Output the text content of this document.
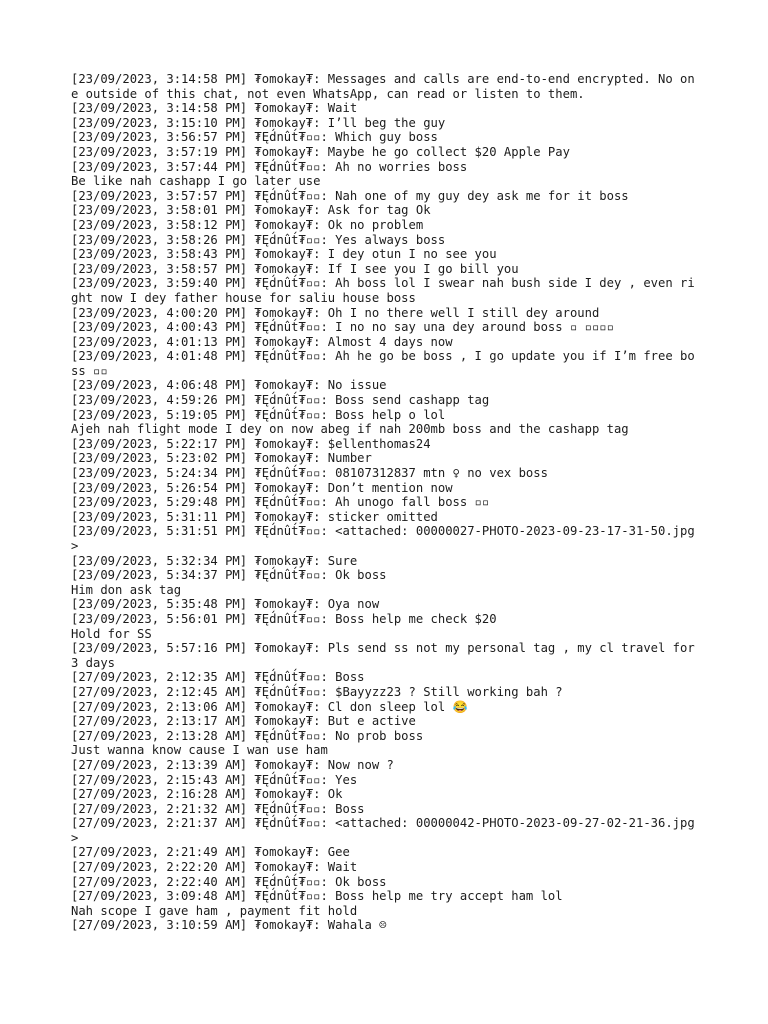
[23/09/2023, 3:14:58 PM] ₮omokay₮: Messages and calls are end-to-end encrypted. No one outside of this chat, not even WhatsApp, can read or listen to them.
[23/09/2023, 3:14:58 PM] ₮omokay₮: Wait
[23/09/2023, 3:15:10 PM] ₮omokay₮: I’ll beg the guy
[23/09/2023, 3:56:57 PM] ₮Ęd́nût́₮▫▫: Which guy boss
[23/09/2023, 3:57:19 PM] ₮omokay₮: Maybe he go collect $20 Apple Pay
[23/09/2023, 3:57:44 PM] ₮Ęd́nût́₮▫▫: Ah no worries boss
Be like nah cashapp I go later use
[23/09/2023, 3:57:57 PM] ₮Ęd́nût́₮▫▫: Nah one of my guy dey ask me for it boss
[23/09/2023, 3:58:01 PM] ₮omokay₮: Ask for tag Ok
[23/09/2023, 3:58:12 PM] ₮omokay₮: Ok no problem
[23/09/2023, 3:58:26 PM] ₮Ęd́nût́₮▫▫: Yes always boss
[23/09/2023, 3:58:43 PM] ₮omokay₮: I dey otun I no see you
[23/09/2023, 3:58:57 PM] ₮omokay₮: If I see you I go bill you
[23/09/2023, 3:59:40 PM] ₮Ęd́nût́₮▫▫: Ah boss lol I swear nah bush side I dey , even right now I dey father house for saliu house boss
[23/09/2023, 4:00:20 PM] ₮omokay₮: Oh I no there well I still dey around
[23/09/2023, 4:00:43 PM] ₮Ęd́nût́₮▫▫: I no no say una dey around boss ▫ ▫▫▫▫
[23/09/2023, 4:01:13 PM] ₮omokay₮: Almost 4 days now
[23/09/2023, 4:01:48 PM] ₮Ęd́nût́₮▫▫: Ah he go be boss , I go update you if I’m free boss ▫▫
[23/09/2023, 4:06:48 PM] ₮omokay₮: No issue
[23/09/2023, 4:59:26 PM] ₮Ęd́nût́₮▫▫: Boss send cashapp tag
[23/09/2023, 5:19:05 PM] ₮Ęd́nût́₮▫▫: Boss help o lol
Ajeh nah flight mode I dey on now abeg if nah 200mb boss and the cashapp tag
[23/09/2023, 5:22:17 PM] ₮omokay₮: $ellenthomas24
[23/09/2023, 5:23:02 PM] ₮omokay₮: Number
[23/09/2023, 5:24:34 PM] ₮Ęd́nût́₮▫▫: 08107312837 mtn ♀ no vex boss
[23/09/2023, 5:26:54 PM] ₮omokay₮: Don’t mention now
[23/09/2023, 5:29:48 PM] ₮Ęd́nût́₮▫▫: Ah unogo fall boss ▫▫
[23/09/2023, 5:31:11 PM] ₮omokay₮: sticker omitted
[23/09/2023, 5:31:51 PM] ₮Ęd́nût́₮▫▫: <attached: 00000027-PHOTO-2023-09-23-17-31-50.jpg>
[23/09/2023, 5:32:34 PM] ₮omokay₮: Sure
[23/09/2023, 5:34:37 PM] ₮Ęd́nût́₮▫▫: Ok boss
Him don ask tag
[23/09/2023, 5:35:48 PM] ₮omokay₮: Oya now
[23/09/2023, 5:56:01 PM] ₮Ęd́nût́₮▫▫: Boss help me check $20
Hold for SS
[23/09/2023, 5:57:16 PM] ₮omokay₮: Pls send ss not my personal tag , my cl travel for 3 days
[27/09/2023, 2:12:35 AM] ₮Ęd́nût́₮▫▫: Boss
[27/09/2023, 2:12:45 AM] ₮Ęd́nût́₮▫▫: $Bayyzz23 ? Still working bah ?
[27/09/2023, 2:13:06 AM] ₮omokay₮: Cl don sleep lol 😂
[27/09/2023, 2:13:17 AM] ₮omokay₮: But e active
[27/09/2023, 2:13:28 AM] ₮Ęd́nût́₮▫▫: No prob boss
Just wanna know cause I wan use ham
[27/09/2023, 2:13:39 AM] ₮omokay₮: Now now ?
[27/09/2023, 2:15:43 AM] ₮Ęd́nût́₮▫▫: Yes
[27/09/2023, 2:16:28 AM] ₮omokay₮: Ok
[27/09/2023, 2:21:32 AM] ₮Ęd́nût́₮▫▫: Boss
[27/09/2023, 2:21:37 AM] ₮Ęd́nût́₮▫▫: <attached: 00000042-PHOTO-2023-09-27-02-21-36.jpg>
[27/09/2023, 2:21:49 AM] ₮omokay₮: Gee
[27/09/2023, 2:22:20 AM] ₮omokay₮: Wait
[27/09/2023, 2:22:40 AM] ₮Ęd́nût́₮▫▫: Ok boss
[27/09/2023, 3:09:48 AM] ₮Ęd́nût́₮▫▫: Boss help me try accept ham lol
Nah scope I gave ham , payment fit hold
[27/09/2023, 3:10:59 AM] ₮omokay₮: Wahala ☹
